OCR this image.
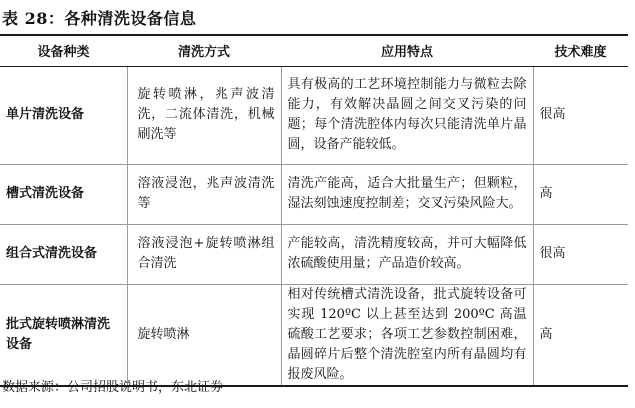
表 28：各种清洗设备信息
设备种类	清洗方式	应用特点	技术难度
单片清洗设备	旋转喷淋，兆声波清洗，二流体清洗，机械刷洗等	具有极高的工艺环境控制能力与微粒去除能力，有效解决晶圆之间交叉污染的问题；每个清洗腔体内每次只能清洗单片晶圆，设备产能较低。	很高
槽式清洗设备	溶液浸泡，兆声波清洗等	清洗产能高，适合大批量生产；但颗粒，湿法刻蚀速度控制差；交叉污染风险大。	高
组合式清洗设备	溶液浸泡+旋转喷淋组合清洗	产能较高，清洗精度较高，并可大幅降低浓硫酸使用量；产品造价较高。	很高
批式旋转喷淋清洗设备	旋转喷淋	相对传统槽式清洗设备，批式旋转设备可实现 120ºC 以上甚至达到 200ºC 高温硫酸工艺要求；各项工艺参数控制困难，晶圆碎片后整个清洗腔室内所有晶圆均有报废风险。	高
数据来源：公司招股说明书，东北证券
